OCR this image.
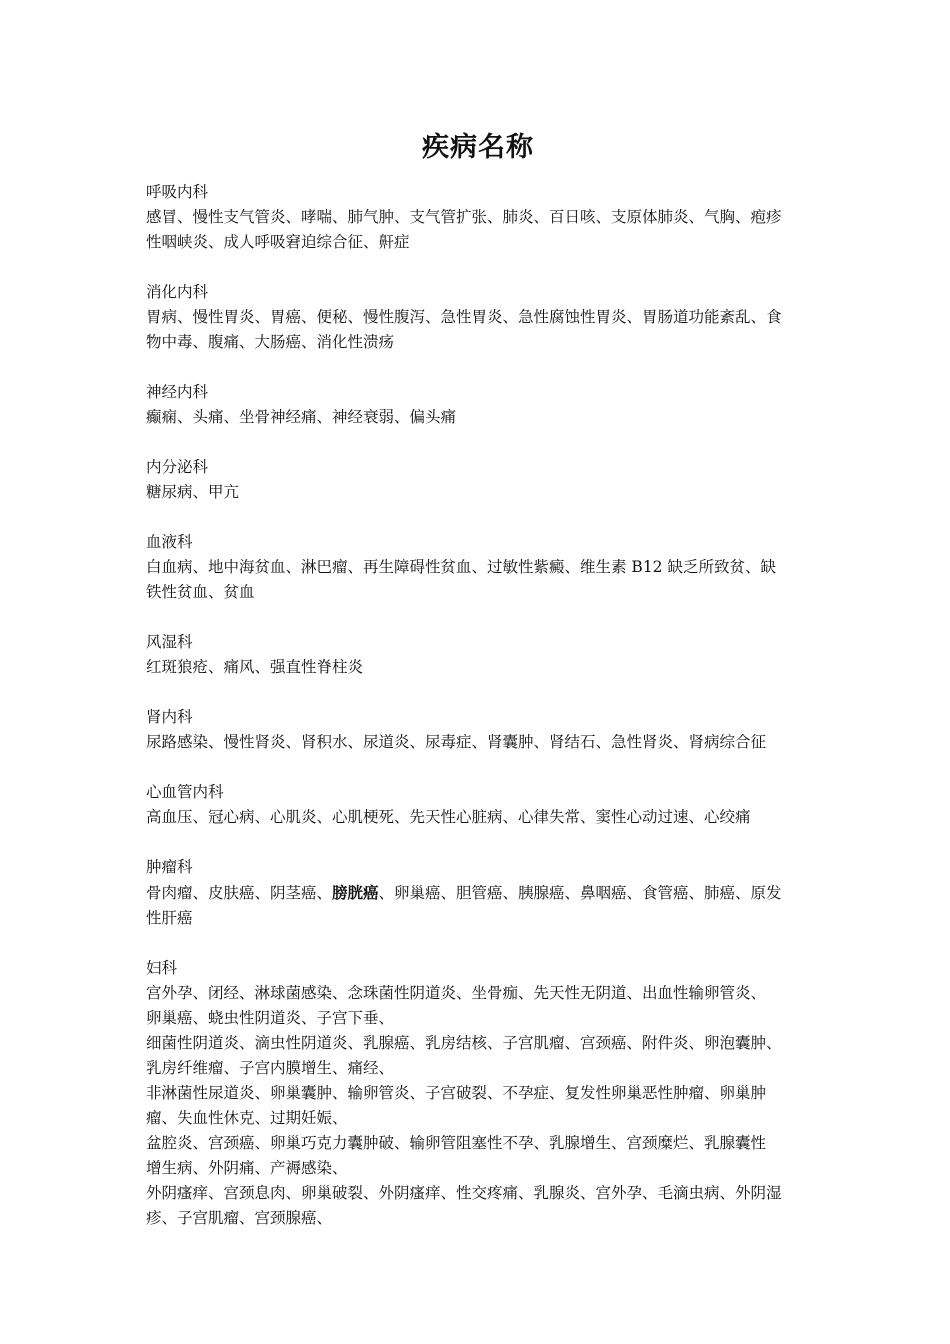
疾病名称

呼吸内科

感冒、慢性支气管炎、哮喘、肺气肿、支气管扩张、肺炎、百日咳、支原体肺炎、气胸、疱疹
性咽峡炎、成人呼吸窘迫综合征、鼾症

消化内科

胃病、慢性胃炎、胃癌、便秘、慢性腹泻、急性胃炎、急性腐蚀性胃炎、胃肠道功能紊乱、食
物中毒、腹痛、大肠癌、消化性溃疡

神经内科

癫痫、头痛、坐骨神经痛、神经衰弱、偏头痛

内分泌科

糖尿病、甲亢

血液科

白血病、地中海贫血、淋巴瘤、再生障碍性贫血、过敏性紫癜、维生素 B12 缺乏所致贫、缺
铁性贫血、贫血

风湿科

红斑狼疮、痛风、强直性脊柱炎

肾内科

尿路感染、慢性肾炎、肾积水、尿道炎、尿毒症、肾囊肿、肾结石、急性肾炎、肾病综合征

心血管内科

高血压、冠心病、心肌炎、心肌梗死、先天性心脏病、心律失常、窦性心动过速、心绞痛

肿瘤科

骨肉瘤、皮肤癌、阴茎癌、膀胱癌、卵巢癌、胆管癌、胰腺癌、鼻咽癌、食管癌、肺癌、原发
性肝癌

妇科

宫外孕、闭经、淋球菌感染、念珠菌性阴道炎、坐骨痂、先天性无阴道、出血性输卵管炎、
卵巢癌、蛲虫性阴道炎、子宫下垂、
细菌性阴道炎、滴虫性阴道炎、乳腺癌、乳房结核、子宫肌瘤、宫颈癌、附件炎、卵泡囊肿、
乳房纤维瘤、子宫内膜增生、痛经、
非淋菌性尿道炎、卵巢囊肿、输卵管炎、子宫破裂、不孕症、复发性卵巢恶性肿瘤、卵巢肿
瘤、失血性休克、过期妊娠、
盆腔炎、宫颈癌、卵巢巧克力囊肿破、输卵管阻塞性不孕、乳腺增生、宫颈糜烂、乳腺囊性
增生病、外阴痛、产褥感染、
外阴瘙痒、宫颈息肉、卵巢破裂、外阴瘙痒、性交疼痛、乳腺炎、宫外孕、毛滴虫病、外阴湿
疹、子宫肌瘤、宫颈腺癌、
